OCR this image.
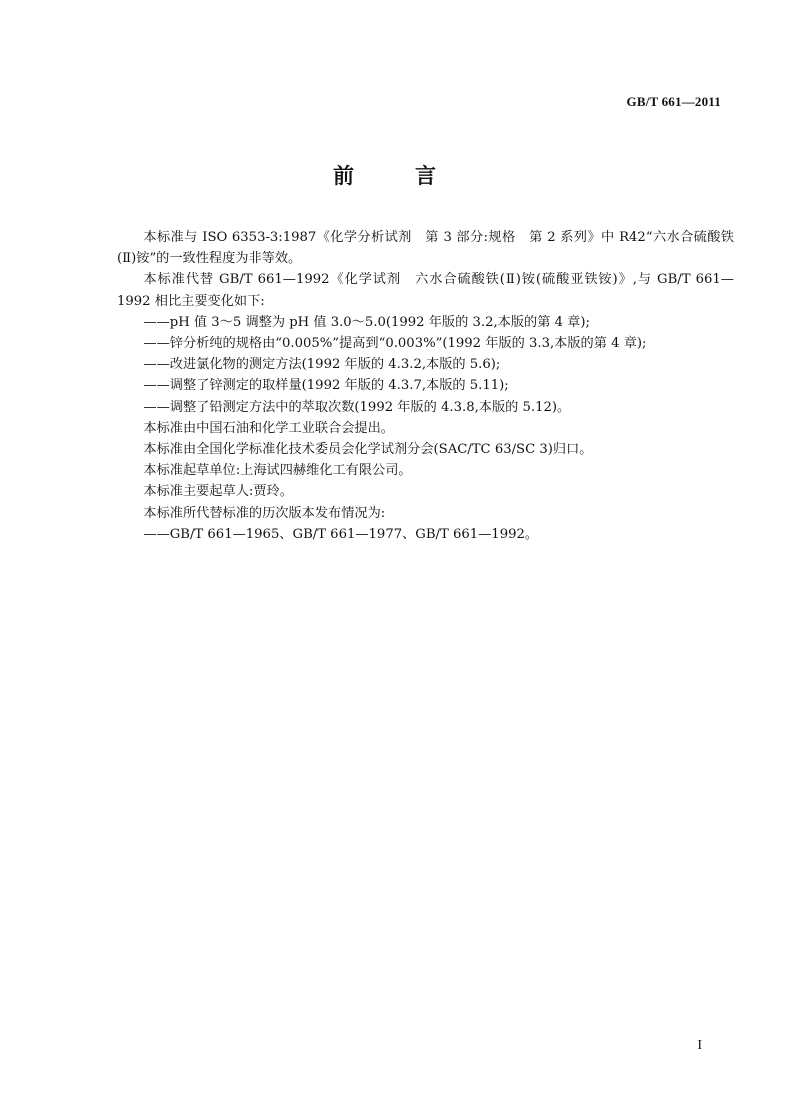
GB/T 661—2011
前　言

本标准与 ISO 6353-3:1987《化学分析试剂　第 3 部分:规格　第 2 系列》中 R42“六水合硫酸铁(Ⅱ)铵”的一致性程度为非等效。

本标准代替 GB/T 661—1992《化学试剂　六水合硫酸铁(Ⅱ)铵(硫酸亚铁铵)》,与 GB/T 661—1992 相比主要变化如下:

——pH 值 3～5 调整为 pH 值 3.0～5.0(1992 年版的 3.2,本版的第 4 章);

——锌分析纯的规格由“0.005%”提高到“0.003%”(1992 年版的 3.3,本版的第 4 章);

——改进氯化物的测定方法(1992 年版的 4.3.2,本版的 5.6);

——调整了锌测定的取样量(1992 年版的 4.3.7,本版的 5.11);

——调整了铅测定方法中的萃取次数(1992 年版的 4.3.8,本版的 5.12)。

本标准由中国石油和化学工业联合会提出。

本标准由全国化学标准化技术委员会化学试剂分会(SAC/TC 63/SC 3)归口。

本标准起草单位:上海试四赫维化工有限公司。

本标准主要起草人:贾玲。

本标准所代替标准的历次版本发布情况为:

——GB/T 661—1965、GB/T 661—1977、GB/T 661—1992。

I
